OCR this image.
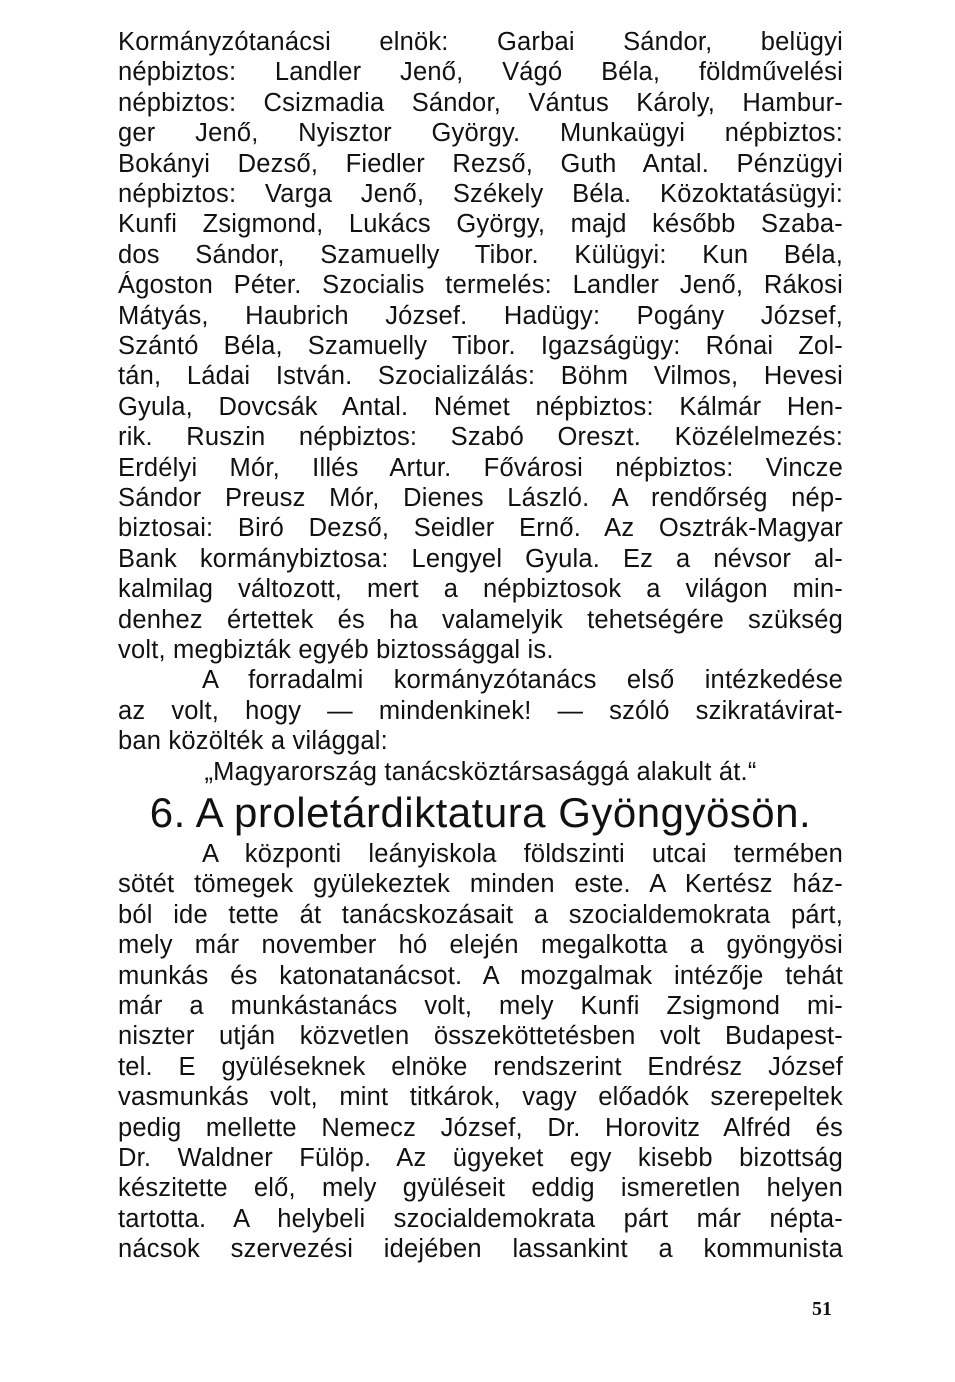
Kormányzótanácsi elnök: Garbai Sándor, belügyi
népbiztos: Landler Jenő, Vágó Béla, földművelési
népbiztos: Csizmadia Sándor, Vántus Károly, Hambur-
ger Jenő, Nyisztor György. Munkaügyi népbiztos:
Bokányi Dezső, Fiedler Rezső, Guth Antal. Pénzügyi
népbiztos: Varga Jenő, Székely Béla. Közoktatásügyi:
Kunfi Zsigmond, Lukács György, majd később Szaba-
dos Sándor, Szamuelly Tibor. Külügyi: Kun Béla,
Ágoston Péter. Szocialis termelés: Landler Jenő, Rákosi
Mátyás, Haubrich József. Hadügy: Pogány József,
Szántó Béla, Szamuelly Tibor. Igazságügy: Rónai Zol-
tán, Ládai István. Szocializálás: Böhm Vilmos, Hevesi
Gyula, Dovcsák Antal. Német népbiztos: Kálmár Hen-
rik. Ruszin népbiztos: Szabó Oreszt. Közélelmezés:
Erdélyi Mór, Illés Artur. Fővárosi népbiztos: Vincze
Sándor Preusz Mór, Dienes László. A rendőrség nép-
biztosai: Biró Dezső, Seidler Ernő. Az Osztrák-Magyar
Bank kormánybiztosa: Lengyel Gyula. Ez a névsor al-
kalmilag változott, mert a népbiztosok a világon min-
denhez értettek és ha valamelyik tehetségére szükség
volt, megbizták egyéb biztossággal is.
A forradalmi kormányzótanács első intézkedése
az volt, hogy — mindenkinek! — szóló szikratávirat-
ban közölték a világgal:
„Magyarország tanácsköztársasággá alakult át.“
6. A proletárdiktatura Gyöngyösön.
A központi leányiskola földszinti utcai termében
sötét tömegek gyülekeztek minden este. A Kertész ház-
ból ide tette át tanácskozásait a szocialdemokrata párt,
mely már november hó elején megalkotta a gyöngyösi
munkás és katonatanácsot. A mozgalmak intézője tehát
már a munkástanács volt, mely Kunfi Zsigmond mi-
niszter utján közvetlen összeköttetésben volt Budapest-
tel. E gyüléseknek elnöke rendszerint Endrész József
vasmunkás volt, mint titkárok, vagy előadók szerepeltek
pedig mellette Nemecz József, Dr. Horovitz Alfréd és
Dr. Waldner Fülöp. Az ügyeket egy kisebb bizottság
készitette elő, mely gyüléseit eddig ismeretlen helyen
tartotta. A helybeli szocialdemokrata párt már népta-
nácsok szervezési idejében lassankint a kommunista
51
